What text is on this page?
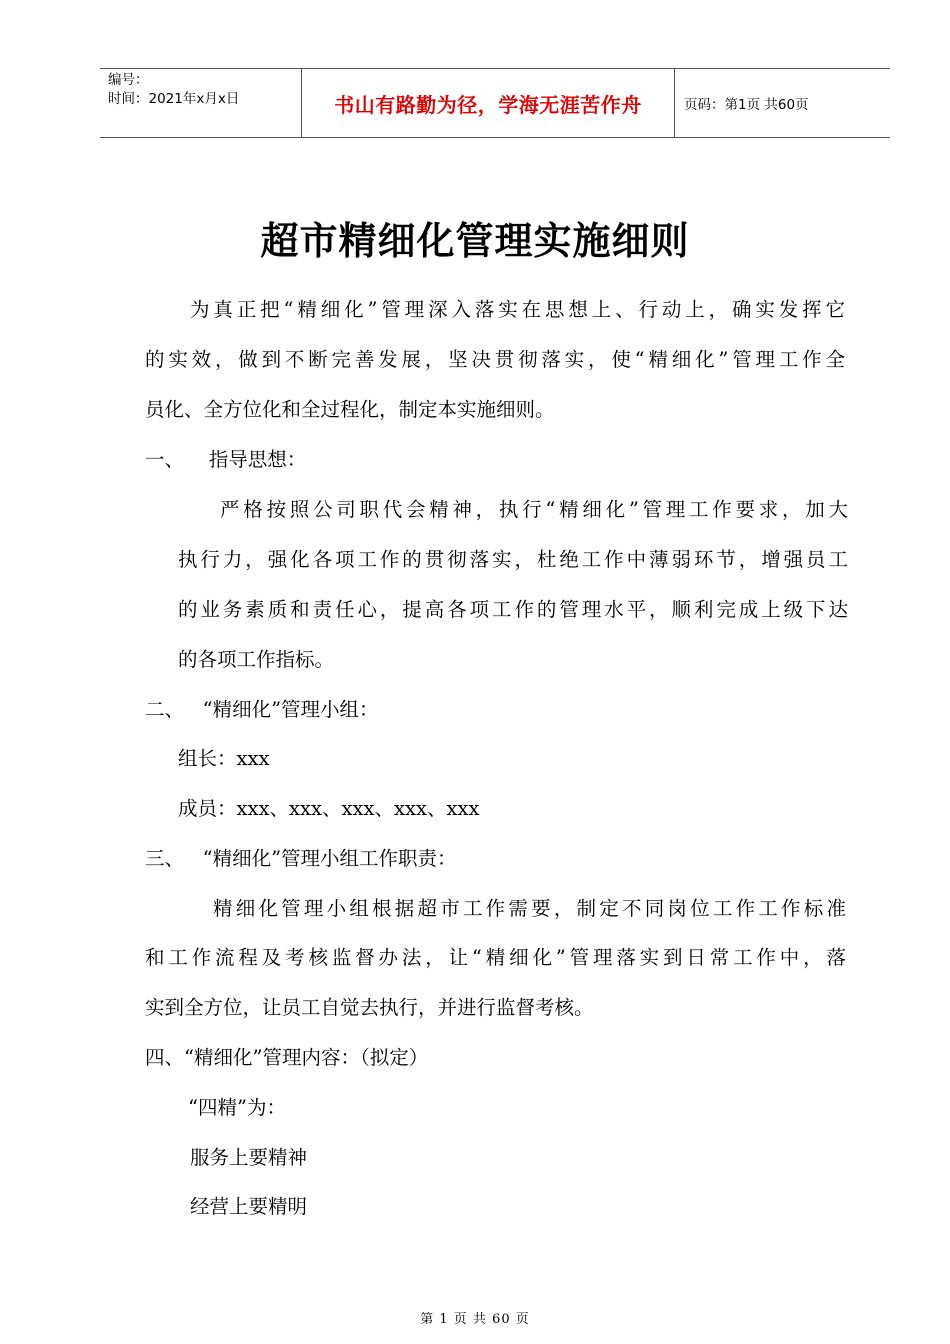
编号：
时间：2021年x月x日	书山有路勤为径，学海无涯苦作舟	页码：第1页 共60页
超市精细化管理实施细则
为真正把“精细化”管理深入落实在思想上、行动上，确实发挥它
的实效，做到不断完善发展，坚决贯彻落实，使“精细化”管理工作全
员化、全方位化和全过程化，制定本实施细则。
一、    指导思想：
严格按照公司职代会精神，执行“精细化”管理工作要求，加大
执行力，强化各项工作的贯彻落实，杜绝工作中薄弱环节，增强员工
的业务素质和责任心，提高各项工作的管理水平，顺利完成上级下达
的各项工作指标。
二、   “精细化”管理小组：
组长：xxx
成员：xxx、xxx、xxx、xxx、xxx
三、   “精细化”管理小组工作职责：
精细化管理小组根据超市工作需要，制定不同岗位工作工作标准
和工作流程及考核监督办法，让“精细化”管理落实到日常工作中，落
实到全方位，让员工自觉去执行，并进行监督考核。
四、“精细化”管理内容：（拟定）
“四精”为：
服务上要精神
经营上要精明
第 1 页 共 60 页
